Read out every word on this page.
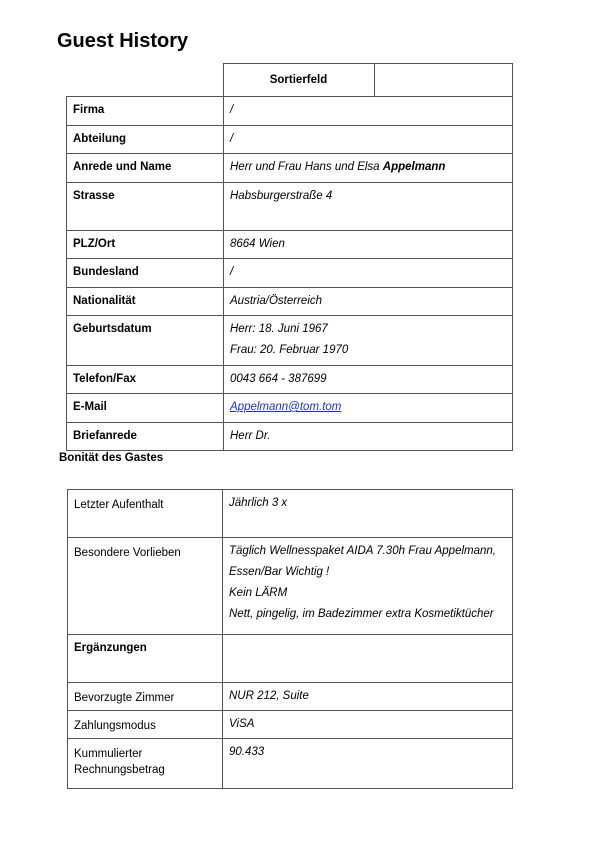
Guest History
	Sortierfeld	
Firma	/
Abteilung	/
Anrede und Name	Herr und Frau Hans und Elsa Appelmann
Strasse	Habsburgerstraße 4
PLZ/Ort	8664 Wien
Bundesland	/
Nationalität	Austria/Österreich
Geburtsdatum	Herr: 18. Juni 1967

Frau: 20. Februar 1970

Telefon/Fax	0043 664 - 387699
E-Mail	Appelmann@tom.tom
Briefanrede	Herr Dr.
Bonität des Gastes
Letzter Aufenthalt	Jährlich 3 x
Besondere Vorlieben	Täglich Wellnesspaket AIDA 7.30h Frau Appelmann,

Essen/Bar Wichtig !

Kein LÄRM

Nett, pingelig, im Badezimmer extra Kosmetiktücher

Ergänzungen	
Bevorzugte Zimmer	NUR 212, Suite
Zahlungsmodus	ViSA

Kummulierter
Rechnungsbetrag	90.433
